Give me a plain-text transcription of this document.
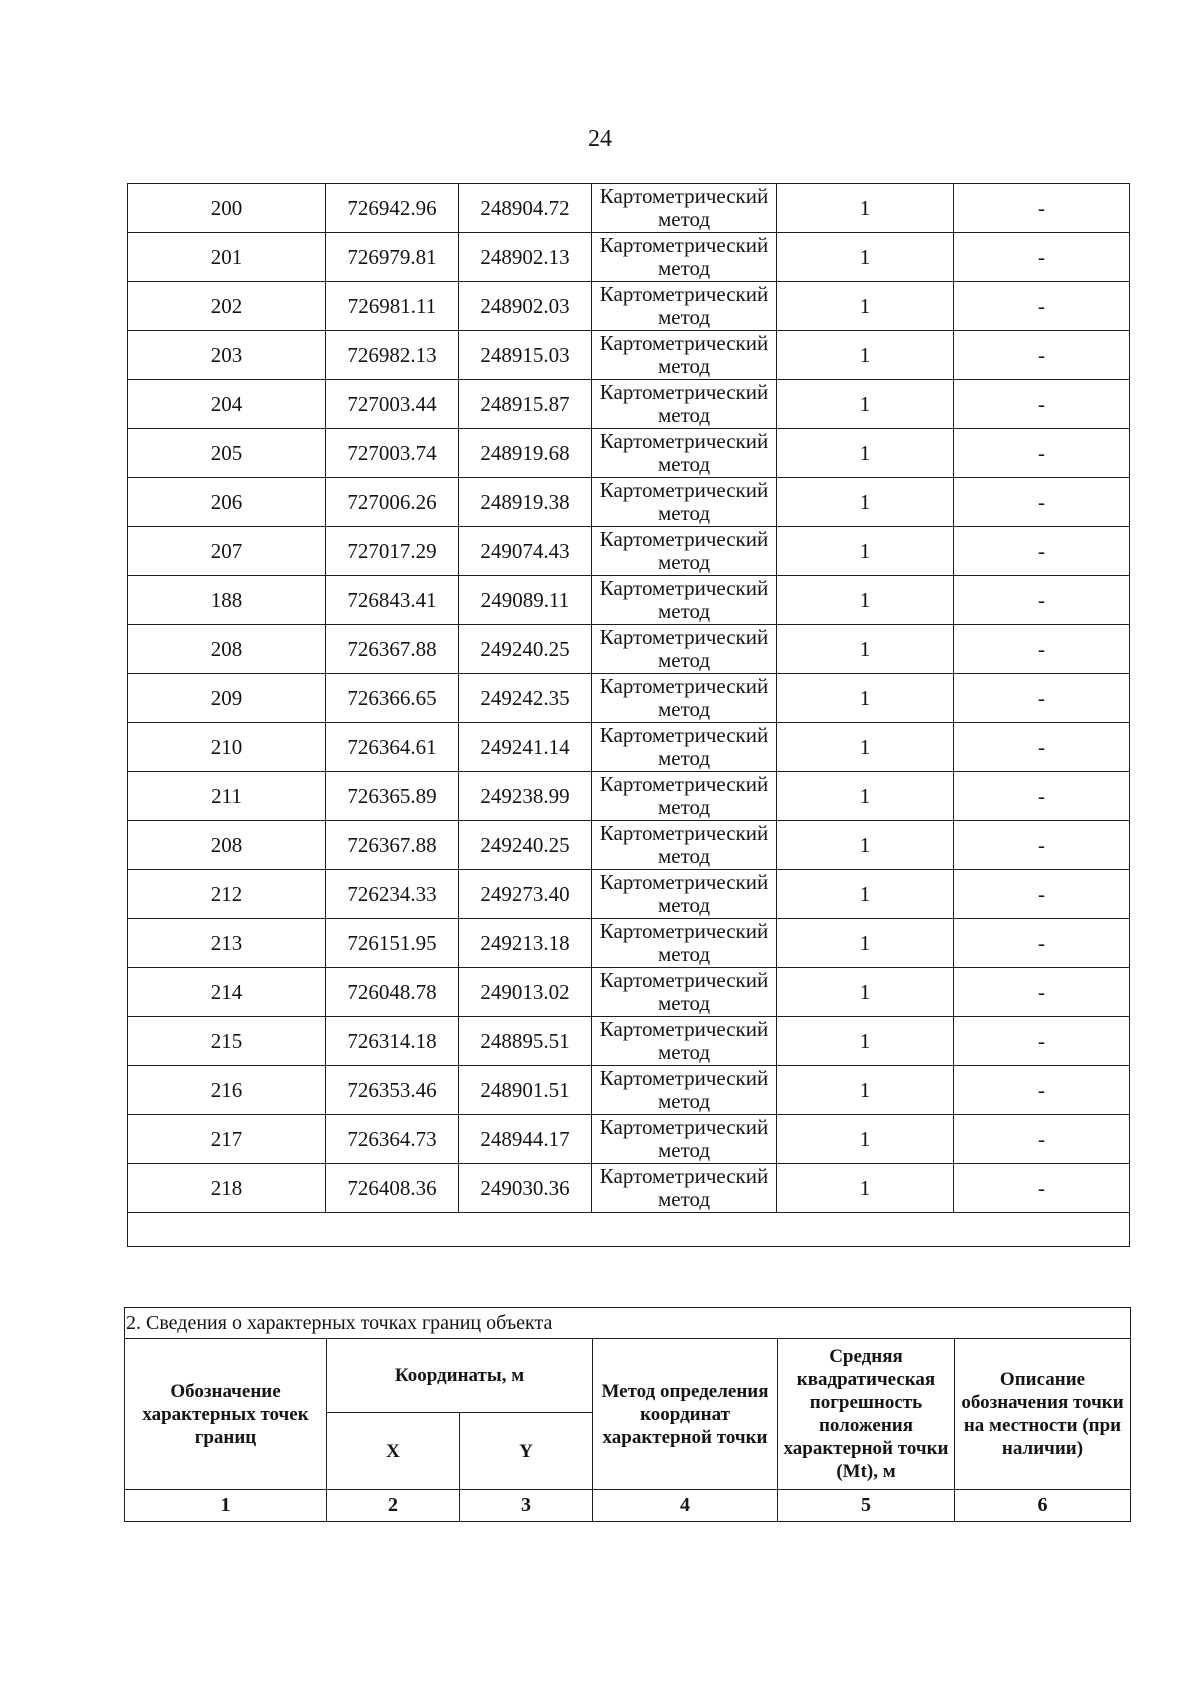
24
200	726942.96	248904.72	Картометрический метод	1	-
201	726979.81	248902.13	Картометрический метод	1	-
202	726981.11	248902.03	Картометрический метод	1	-
203	726982.13	248915.03	Картометрический метод	1	-
204	727003.44	248915.87	Картометрический метод	1	-
205	727003.74	248919.68	Картометрический метод	1	-
206	727006.26	248919.38	Картометрический метод	1	-
207	727017.29	249074.43	Картометрический метод	1	-
188	726843.41	249089.11	Картометрический метод	1	-
208	726367.88	249240.25	Картометрический метод	1	-
209	726366.65	249242.35	Картометрический метод	1	-
210	726364.61	249241.14	Картометрический метод	1	-
211	726365.89	249238.99	Картометрический метод	1	-
208	726367.88	249240.25	Картометрический метод	1	-
212	726234.33	249273.40	Картометрический метод	1	-
213	726151.95	249213.18	Картометрический метод	1	-
214	726048.78	249013.02	Картометрический метод	1	-
215	726314.18	248895.51	Картометрический метод	1	-
216	726353.46	248901.51	Картометрический метод	1	-
217	726364.73	248944.17	Картометрический метод	1	-
218	726408.36	249030.36	Картометрический метод	1	-

2. Сведения о характерных точках границ объекта					
Обозначение характерных точек границ	Координаты, м		Метод определения координат характерной точки	Средняя квадратическая погрешность положения характерной точки (Mt), м	Описание обозначения точки на местности (при наличии)
	X	Y			
1	2	3	4	5	6
